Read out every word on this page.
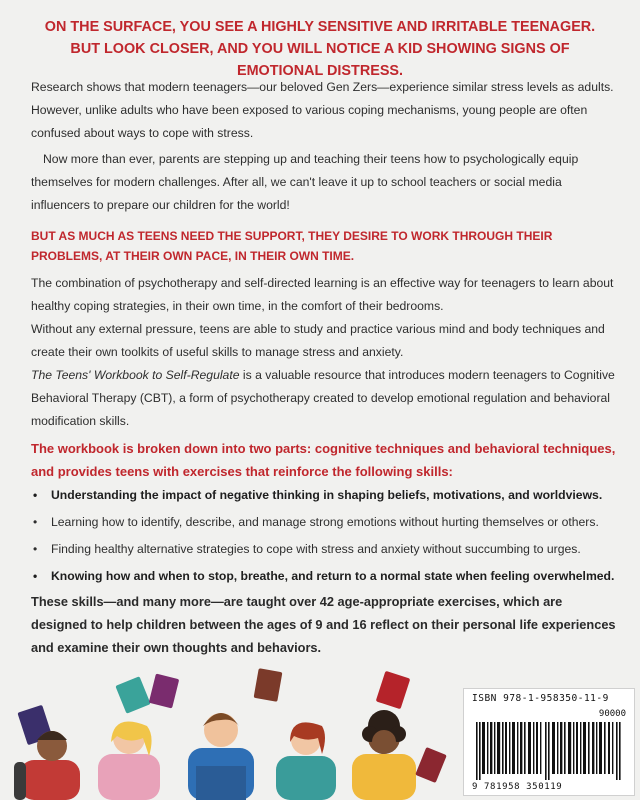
ON THE SURFACE, YOU SEE A HIGHLY SENSITIVE AND IRRITABLE TEENAGER. BUT LOOK CLOSER, AND YOU WILL NOTICE A KID SHOWING SIGNS OF EMOTIONAL DISTRESS.

Research shows that modern teenagers—our beloved Gen Zers—experience similar stress levels as adults. However, unlike adults who have been exposed to various coping mechanisms, young people are often confused about ways to cope with stress.

Now more than ever, parents are stepping up and teaching their teens how to psychologically equip themselves for modern challenges. After all, we can't leave it up to school teachers or social media influencers to prepare our children for the world!

BUT AS MUCH AS TEENS NEED THE SUPPORT, THEY DESIRE TO WORK THROUGH THEIR PROBLEMS, AT THEIR OWN PACE, IN THEIR OWN TIME.

The combination of psychotherapy and self-directed learning is an effective way for teenagers to learn about healthy coping strategies, in their own time, in the comfort of their bedrooms.

Without any external pressure, teens are able to study and practice various mind and body techniques and create their own toolkits of useful skills to manage stress and anxiety.

The Teens' Workbook to Self-Regulate is a valuable resource that introduces modern teenagers to Cognitive Behavioral Therapy (CBT), a form of psychotherapy created to develop emotional regulation and behavioral modification skills.

The workbook is broken down into two parts: cognitive techniques and behavioral techniques, and provides teens with exercises that reinforce the following skills:

• Understanding the impact of negative thinking in shaping beliefs, motivations, and worldviews.
• Learning how to identify, describe, and manage strong emotions without hurting themselves or others.
• Finding healthy alternative strategies to cope with stress and anxiety without succumbing to urges.
• Knowing how and when to stop, breathe, and return to a normal state when feeling overwhelmed.

These skills—and many more—are taught over 42 age-appropriate exercises, which are designed to help children between the ages of 9 and 16 reflect on their personal life experiences and examine their own thoughts and behaviors.

ISBN 978-1-958350-11-9
90000
9 781958 350119
